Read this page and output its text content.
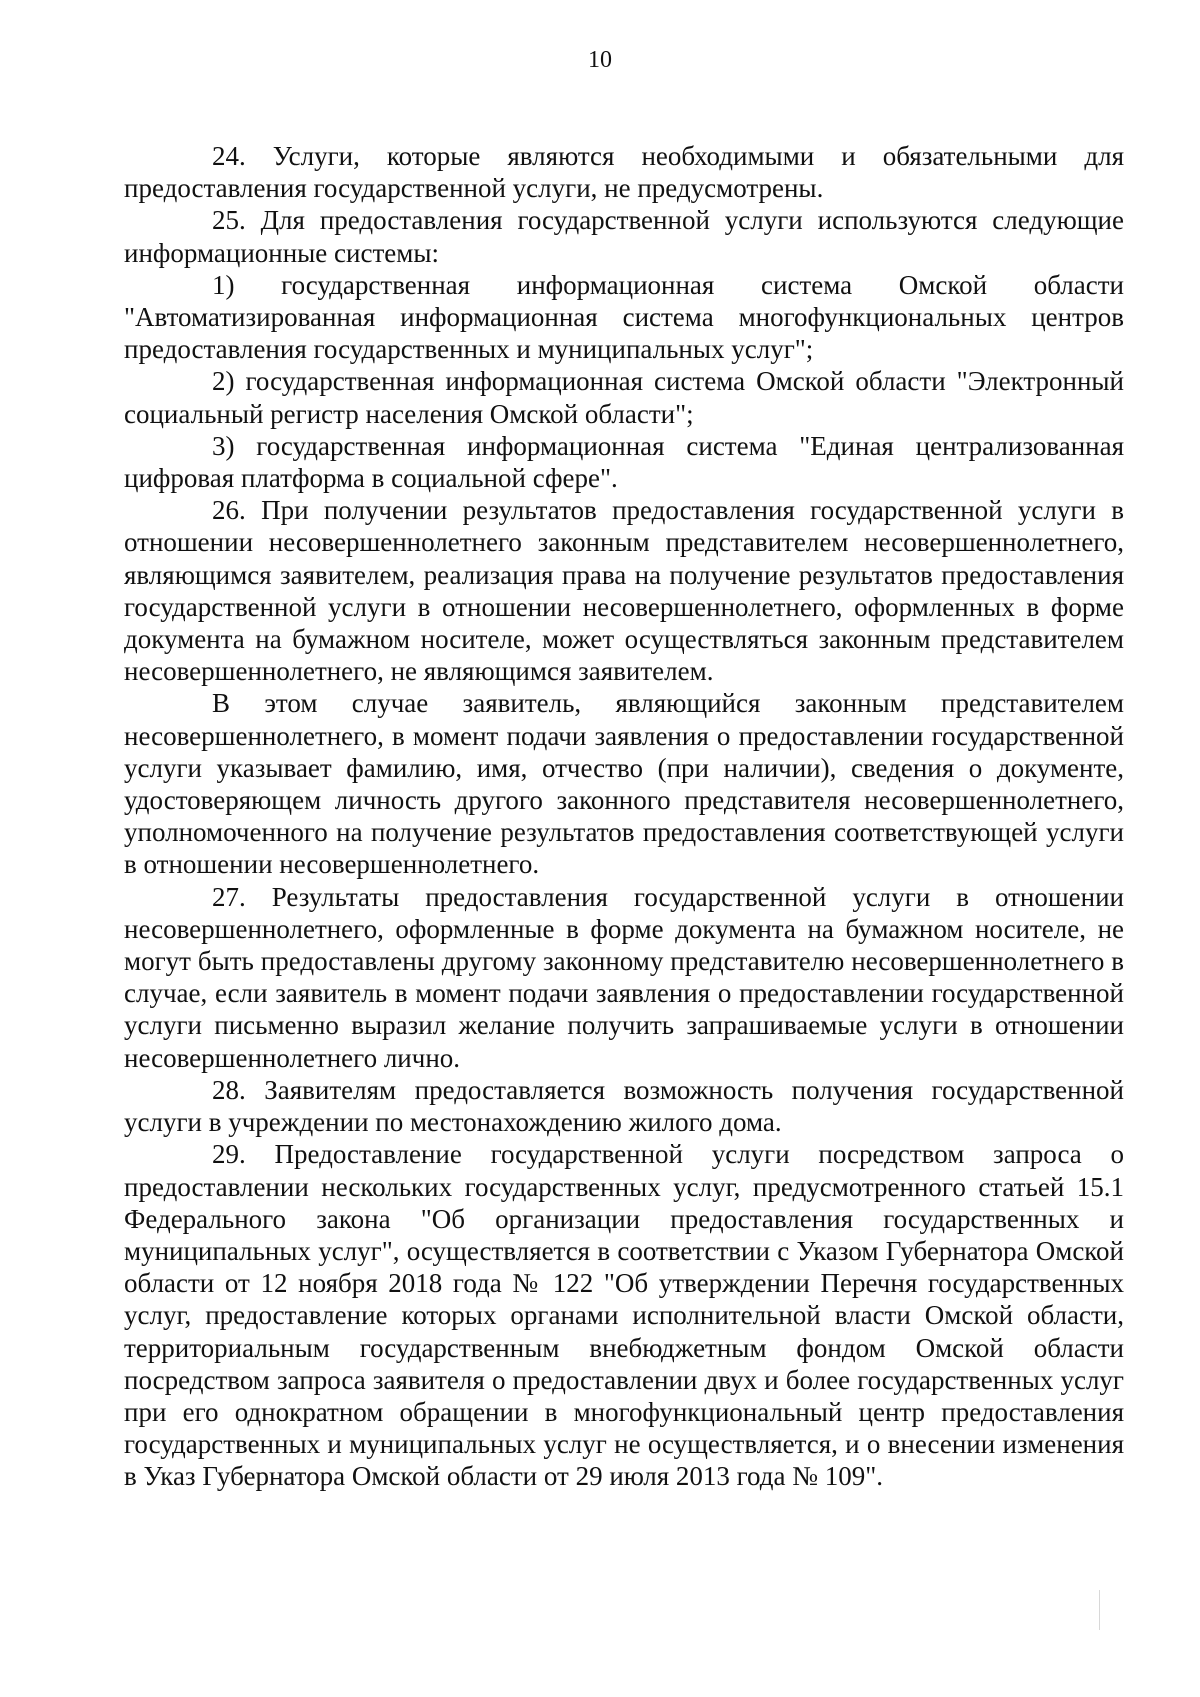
10

24. Услуги, которые являются необходимыми и обязательными для предоставления государственной услуги, не предусмотрены.

25. Для предоставления государственной услуги используются следующие информационные системы:

1) государственная информационная система Омской области "Автоматизированная информационная система многофункциональных центров предоставления государственных и муниципальных услуг";

2) государственная информационная система Омской области "Электронный социальный регистр населения Омской области";

3) государственная информационная система "Единая централизованная цифровая платформа в социальной сфере".

26. При получении результатов предоставления государственной услуги в отношении несовершеннолетнего законным представителем несовершеннолетнего, являющимся заявителем, реализация права на получение результатов предоставления государственной услуги в отношении несовершеннолетнего, оформленных в форме документа на бумажном носителе, может осуществляться законным представителем несовершеннолетнего, не являющимся заявителем.

В этом случае заявитель, являющийся законным представителем несовершеннолетнего, в момент подачи заявления о предоставлении государственной услуги указывает фамилию, имя, отчество (при наличии), сведения о документе, удостоверяющем личность другого законного представителя несовершеннолетнего, уполномоченного на получение результатов предоставления соответствующей услуги в отношении несовершеннолетнего.

27. Результаты предоставления государственной услуги в отношении несовершеннолетнего, оформленные в форме документа на бумажном носителе, не могут быть предоставлены другому законному представителю несовершеннолетнего в случае, если заявитель в момент подачи заявления о предоставлении государственной услуги письменно выразил желание получить запрашиваемые услуги в отношении несовершеннолетнего лично.

28. Заявителям предоставляется возможность получения государственной услуги в учреждении по местонахождению жилого дома.

29. Предоставление государственной услуги посредством запроса о предоставлении нескольких государственных услуг, предусмотренного статьей 15.1 Федерального закона "Об организации предоставления государственных и муниципальных услуг", осуществляется в соответствии с Указом Губернатора Омской области от 12 ноября 2018 года № 122 "Об утверждении Перечня государственных услуг, предоставление которых органами исполнительной власти Омской области, территориальным государственным внебюджетным фондом Омской области посредством запроса заявителя о предоставлении двух и более государственных услуг при его однократном обращении в многофункциональный центр предоставления государственных и муниципальных услуг не осуществляется, и о внесении изменения в Указ Губернатора Омской области от 29 июля 2013 года № 109".
